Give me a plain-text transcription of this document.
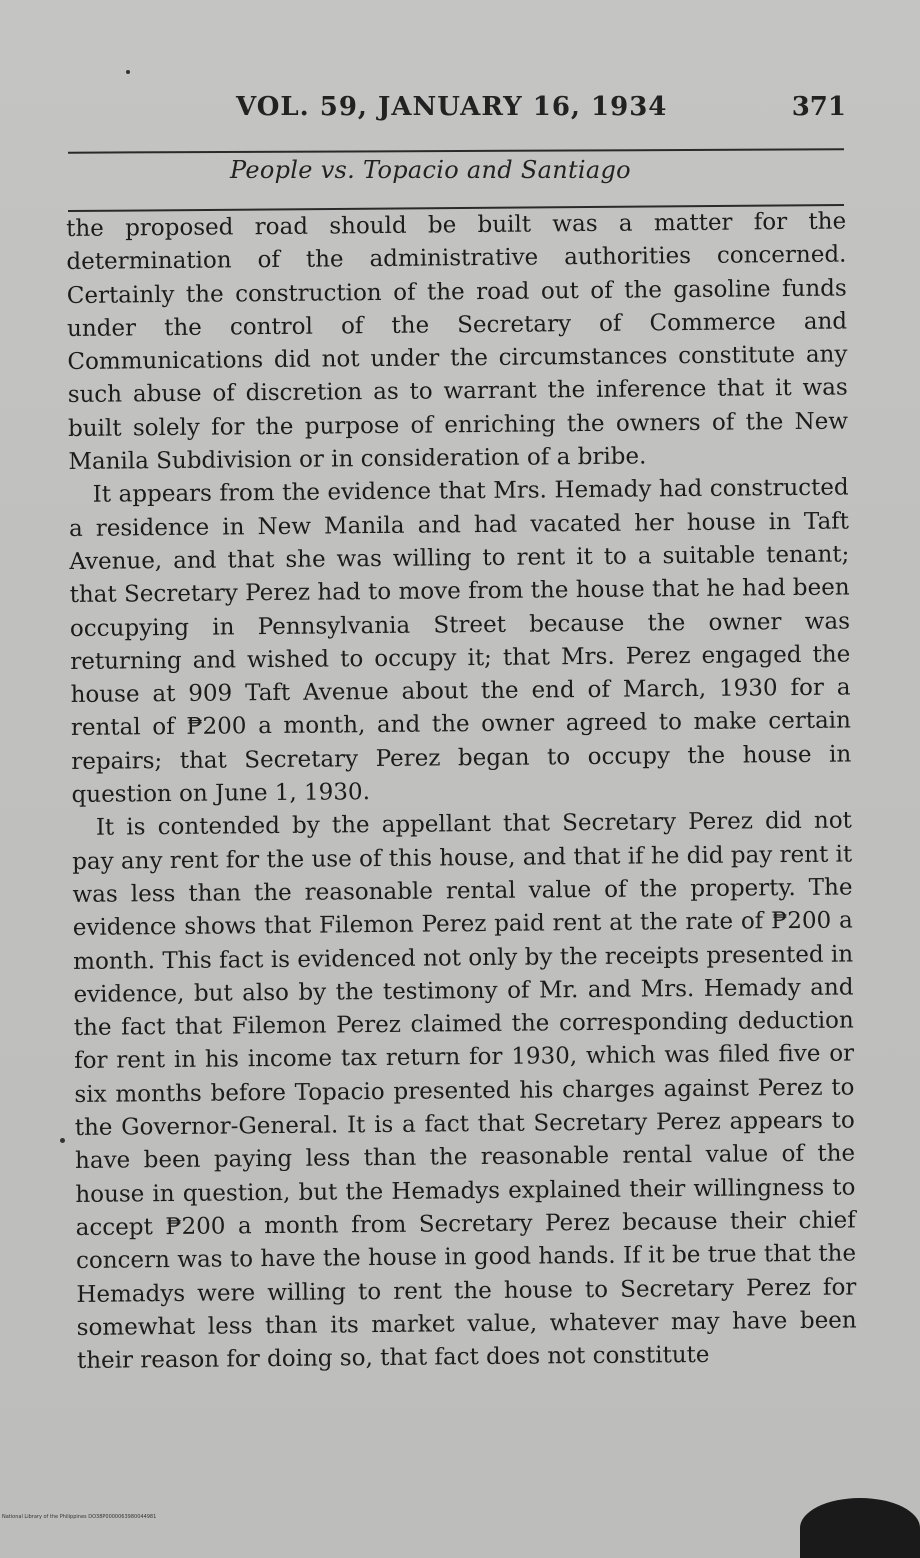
VOL. 59, JANUARY 16, 1934	371
People vs. Topacio and Santiago

the proposed road should be built was a matter for the determination of the administrative authorities concerned. Certainly the construction of the road out of the gasoline funds under the control of the Secretary of Commerce and Communications did not under the circumstances constitute any such abuse of discretion as to warrant the inference that it was built solely for the purpose of enriching the owners of the New Manila Subdivision or in consideration of a bribe.

It appears from the evidence that Mrs. Hemady had constructed a residence in New Manila and had vacated her house in Taft Avenue, and that she was willing to rent it to a suitable tenant; that Secretary Perez had to move from the house that he had been occupying in Pennsylvania Street because the owner was returning and wished to occupy it; that Mrs. Perez engaged the house at 909 Taft Avenue about the end of March, 1930 for a rental of ₱200 a month, and the owner agreed to make certain repairs; that Secretary Perez began to occupy the house in question on June 1, 1930.

It is contended by the appellant that Secretary Perez did not pay any rent for the use of this house, and that if he did pay rent it was less than the reasonable rental value of the property. The evidence shows that Filemon Perez paid rent at the rate of ₱200 a month. This fact is evidenced not only by the receipts presented in evidence, but also by the testimony of Mr. and Mrs. Hemady and the fact that Filemon Perez claimed the corresponding deduction for rent in his income tax return for 1930, which was filed five or six months before Topacio presented his charges against Perez to the Governor-General. It is a fact that Secretary Perez appears to have been paying less than the reasonable rental value of the house in question, but the Hemadys explained their willingness to accept ₱200 a month from Secretary Perez because their chief concern was to have the house in good hands. If it be true that the Hemadys were willing to rent the house to Secretary Perez for somewhat less than its market value, whatever may have been their reason for doing so, that fact does not constitute

National Library of the Philippines DO38P0000063980044981
